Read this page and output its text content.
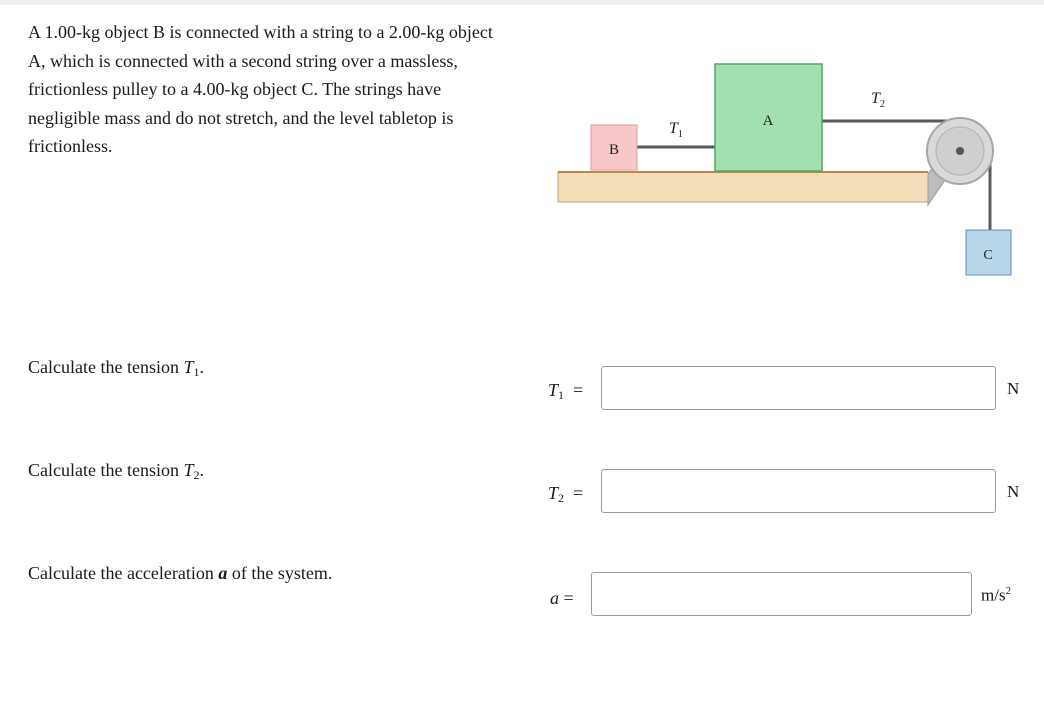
A 1.00-kg object B is connected with a string to a 2.00-kg object A, which is connected with a second string over a massless, frictionless pulley to a 4.00-kg object C. The strings have negligible mass and do not stretch, and the level tabletop is frictionless.	B
A
C
$T_1$
$T_2$
Calculate the tension $T_1$.
$T_1$ =	N
Calculate the tension $T_2$.
$T_2$ =	N
Calculate the acceleration a of the system.
a =	$m/s^2$
